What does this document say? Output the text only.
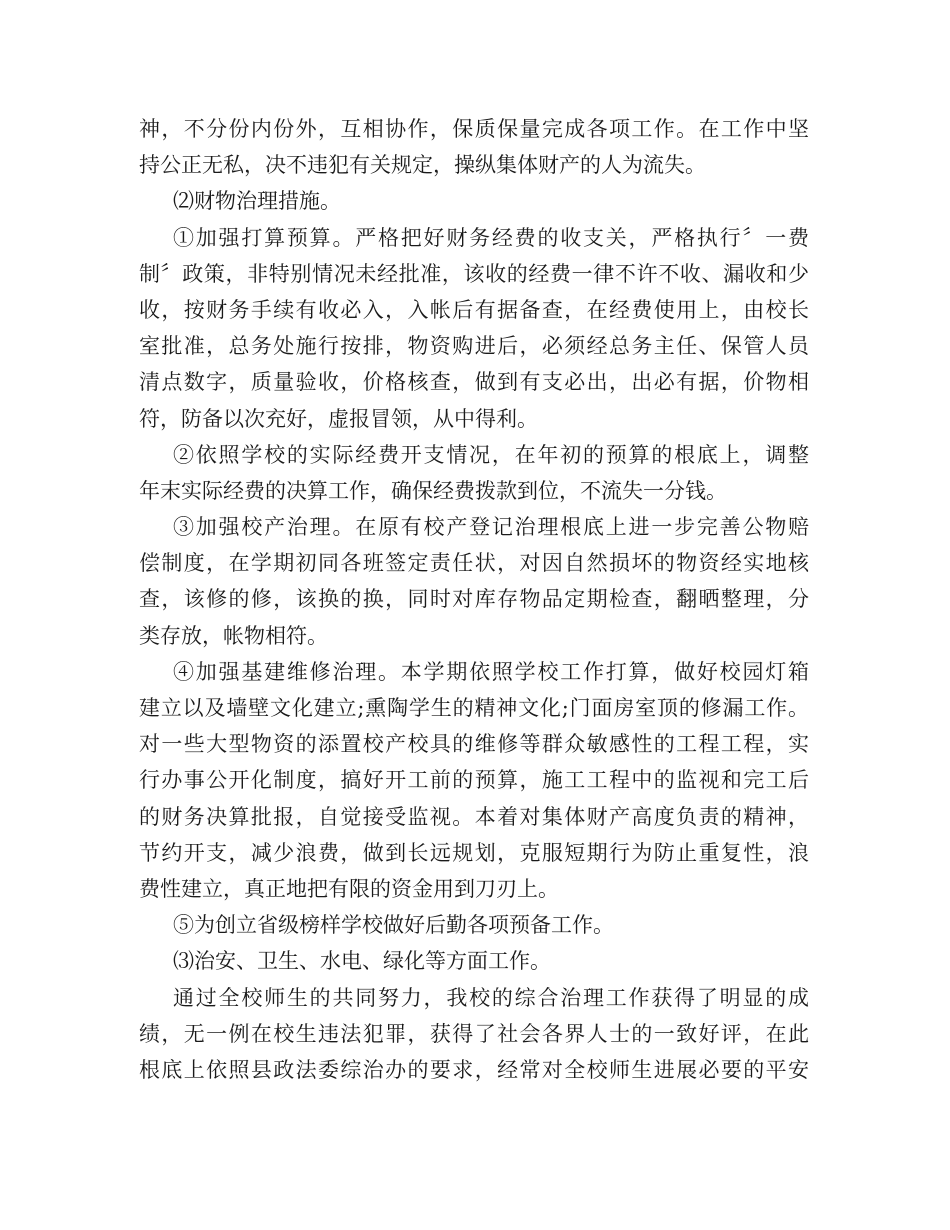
神，不分份内份外，互相协作，保质保量完成各项工作。在工作中坚
持公正无私，决不违犯有关规定，操纵集体财产的人为流失。
⑵财物治理措施。
①加强打算预算。严格把好财务经费的收支关，严格执行〞一费
制〞政策，非特别情况未经批准，该收的经费一律不许不收、漏收和少
收，按财务手续有收必入，入帐后有据备查，在经费使用上，由校长
室批准，总务处施行按排，物资购进后，必须经总务主任、保管人员
清点数字，质量验收，价格核查，做到有支必出，出必有据，价物相
符，防备以次充好，虚报冒领，从中得利。
②依照学校的实际经费开支情况，在年初的预算的根底上，调整
年末实际经费的决算工作，确保经费拨款到位，不流失一分钱。
③加强校产治理。在原有校产登记治理根底上进一步完善公物赔
偿制度，在学期初同各班签定责任状，对因自然损坏的物资经实地核
查，该修的修，该换的换，同时对库存物品定期检查，翻晒整理，分
类存放，帐物相符。
④加强基建维修治理。本学期依照学校工作打算，做好校园灯箱
建立以及墙壁文化建立;熏陶学生的精神文化;门面房室顶的修漏工作。
对一些大型物资的添置校产校具的维修等群众敏感性的工程工程，实
行办事公开化制度，搞好开工前的预算，施工工程中的监视和完工后
的财务决算批报，自觉接受监视。本着对集体财产高度负责的精神，
节约开支，减少浪费，做到长远规划，克服短期行为防止重复性，浪
费性建立，真正地把有限的资金用到刀刃上。
⑤为创立省级榜样学校做好后勤各项预备工作。
⑶治安、卫生、水电、绿化等方面工作。
通过全校师生的共同努力，我校的综合治理工作获得了明显的成
绩，无一例在校生违法犯罪，获得了社会各界人士的一致好评，在此
根底上依照县政法委综治办的要求，经常对全校师生进展必要的平安
